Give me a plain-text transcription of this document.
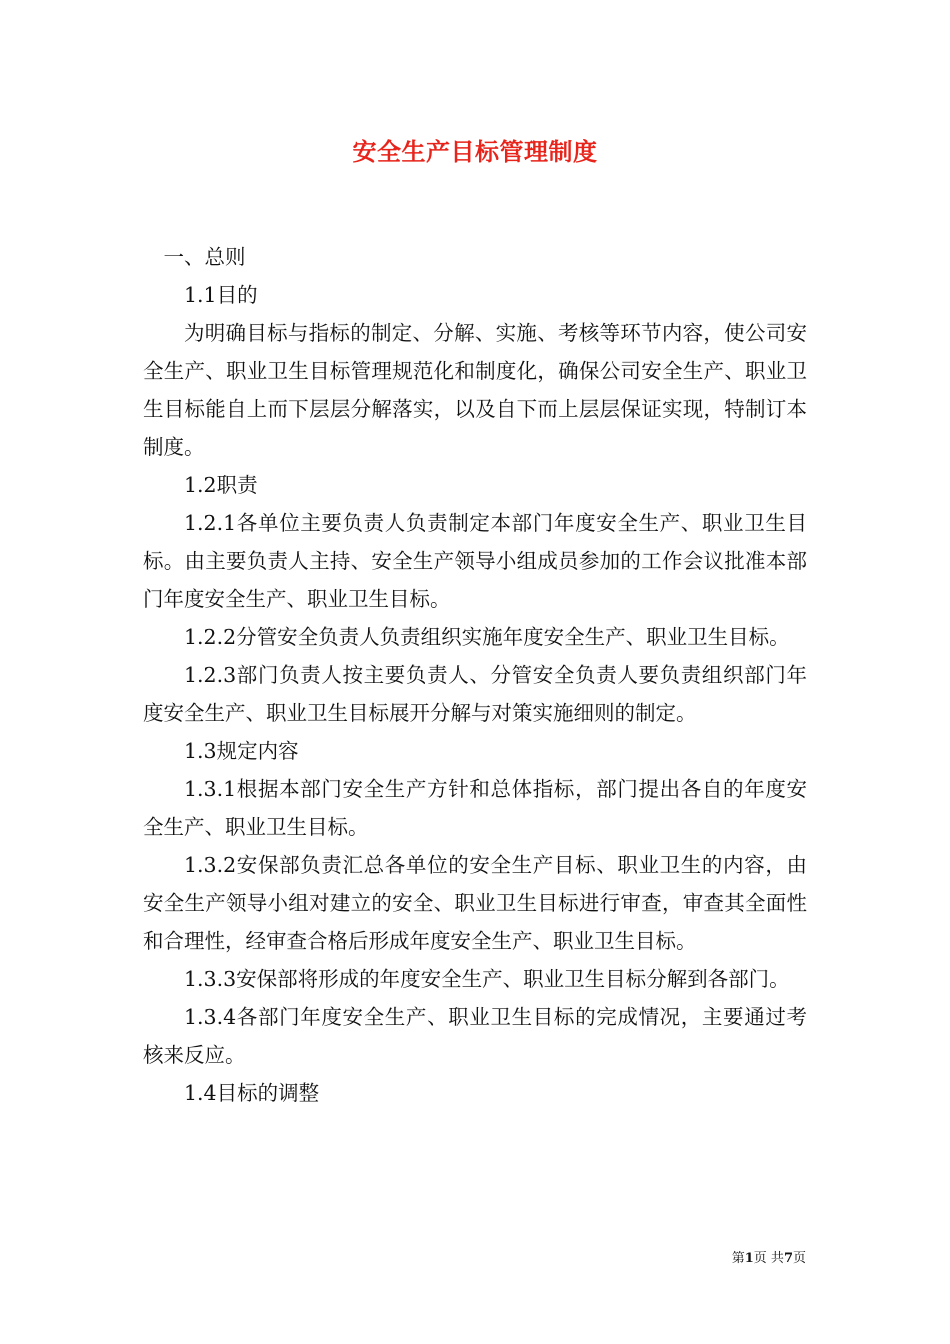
安全生产目标管理制度

一、总则

1.1目的

为明确目标与指标的制定、分解、实施、考核等环节内容，使公司安全生产、职业卫生目标管理规范化和制度化，确保公司安全生产、职业卫生目标能自上而下层层分解落实，以及自下而上层层保证实现，特制订本制度。

1.2职责

1.2.1各单位主要负责人负责制定本部门年度安全生产、职业卫生目标。由主要负责人主持、安全生产领导小组成员参加的工作会议批准本部门年度安全生产、职业卫生目标。

1.2.2分管安全负责人负责组织实施年度安全生产、职业卫生目标。

1.2.3部门负责人按主要负责人、分管安全负责人要负责组织部门年度安全生产、职业卫生目标展开分解与对策实施细则的制定。

1.3规定内容

1.3.1根据本部门安全生产方针和总体指标，部门提出各自的年度安全生产、职业卫生目标。

1.3.2安保部负责汇总各单位的安全生产目标、职业卫生的内容，由安全生产领导小组对建立的安全、职业卫生目标进行审查，审查其全面性和合理性，经审查合格后形成年度安全生产、职业卫生目标。

1.3.3安保部将形成的年度安全生产、职业卫生目标分解到各部门。

1.3.4各部门年度安全生产、职业卫生目标的完成情况，主要通过考核来反应。

1.4目标的调整

第1页 共7页
